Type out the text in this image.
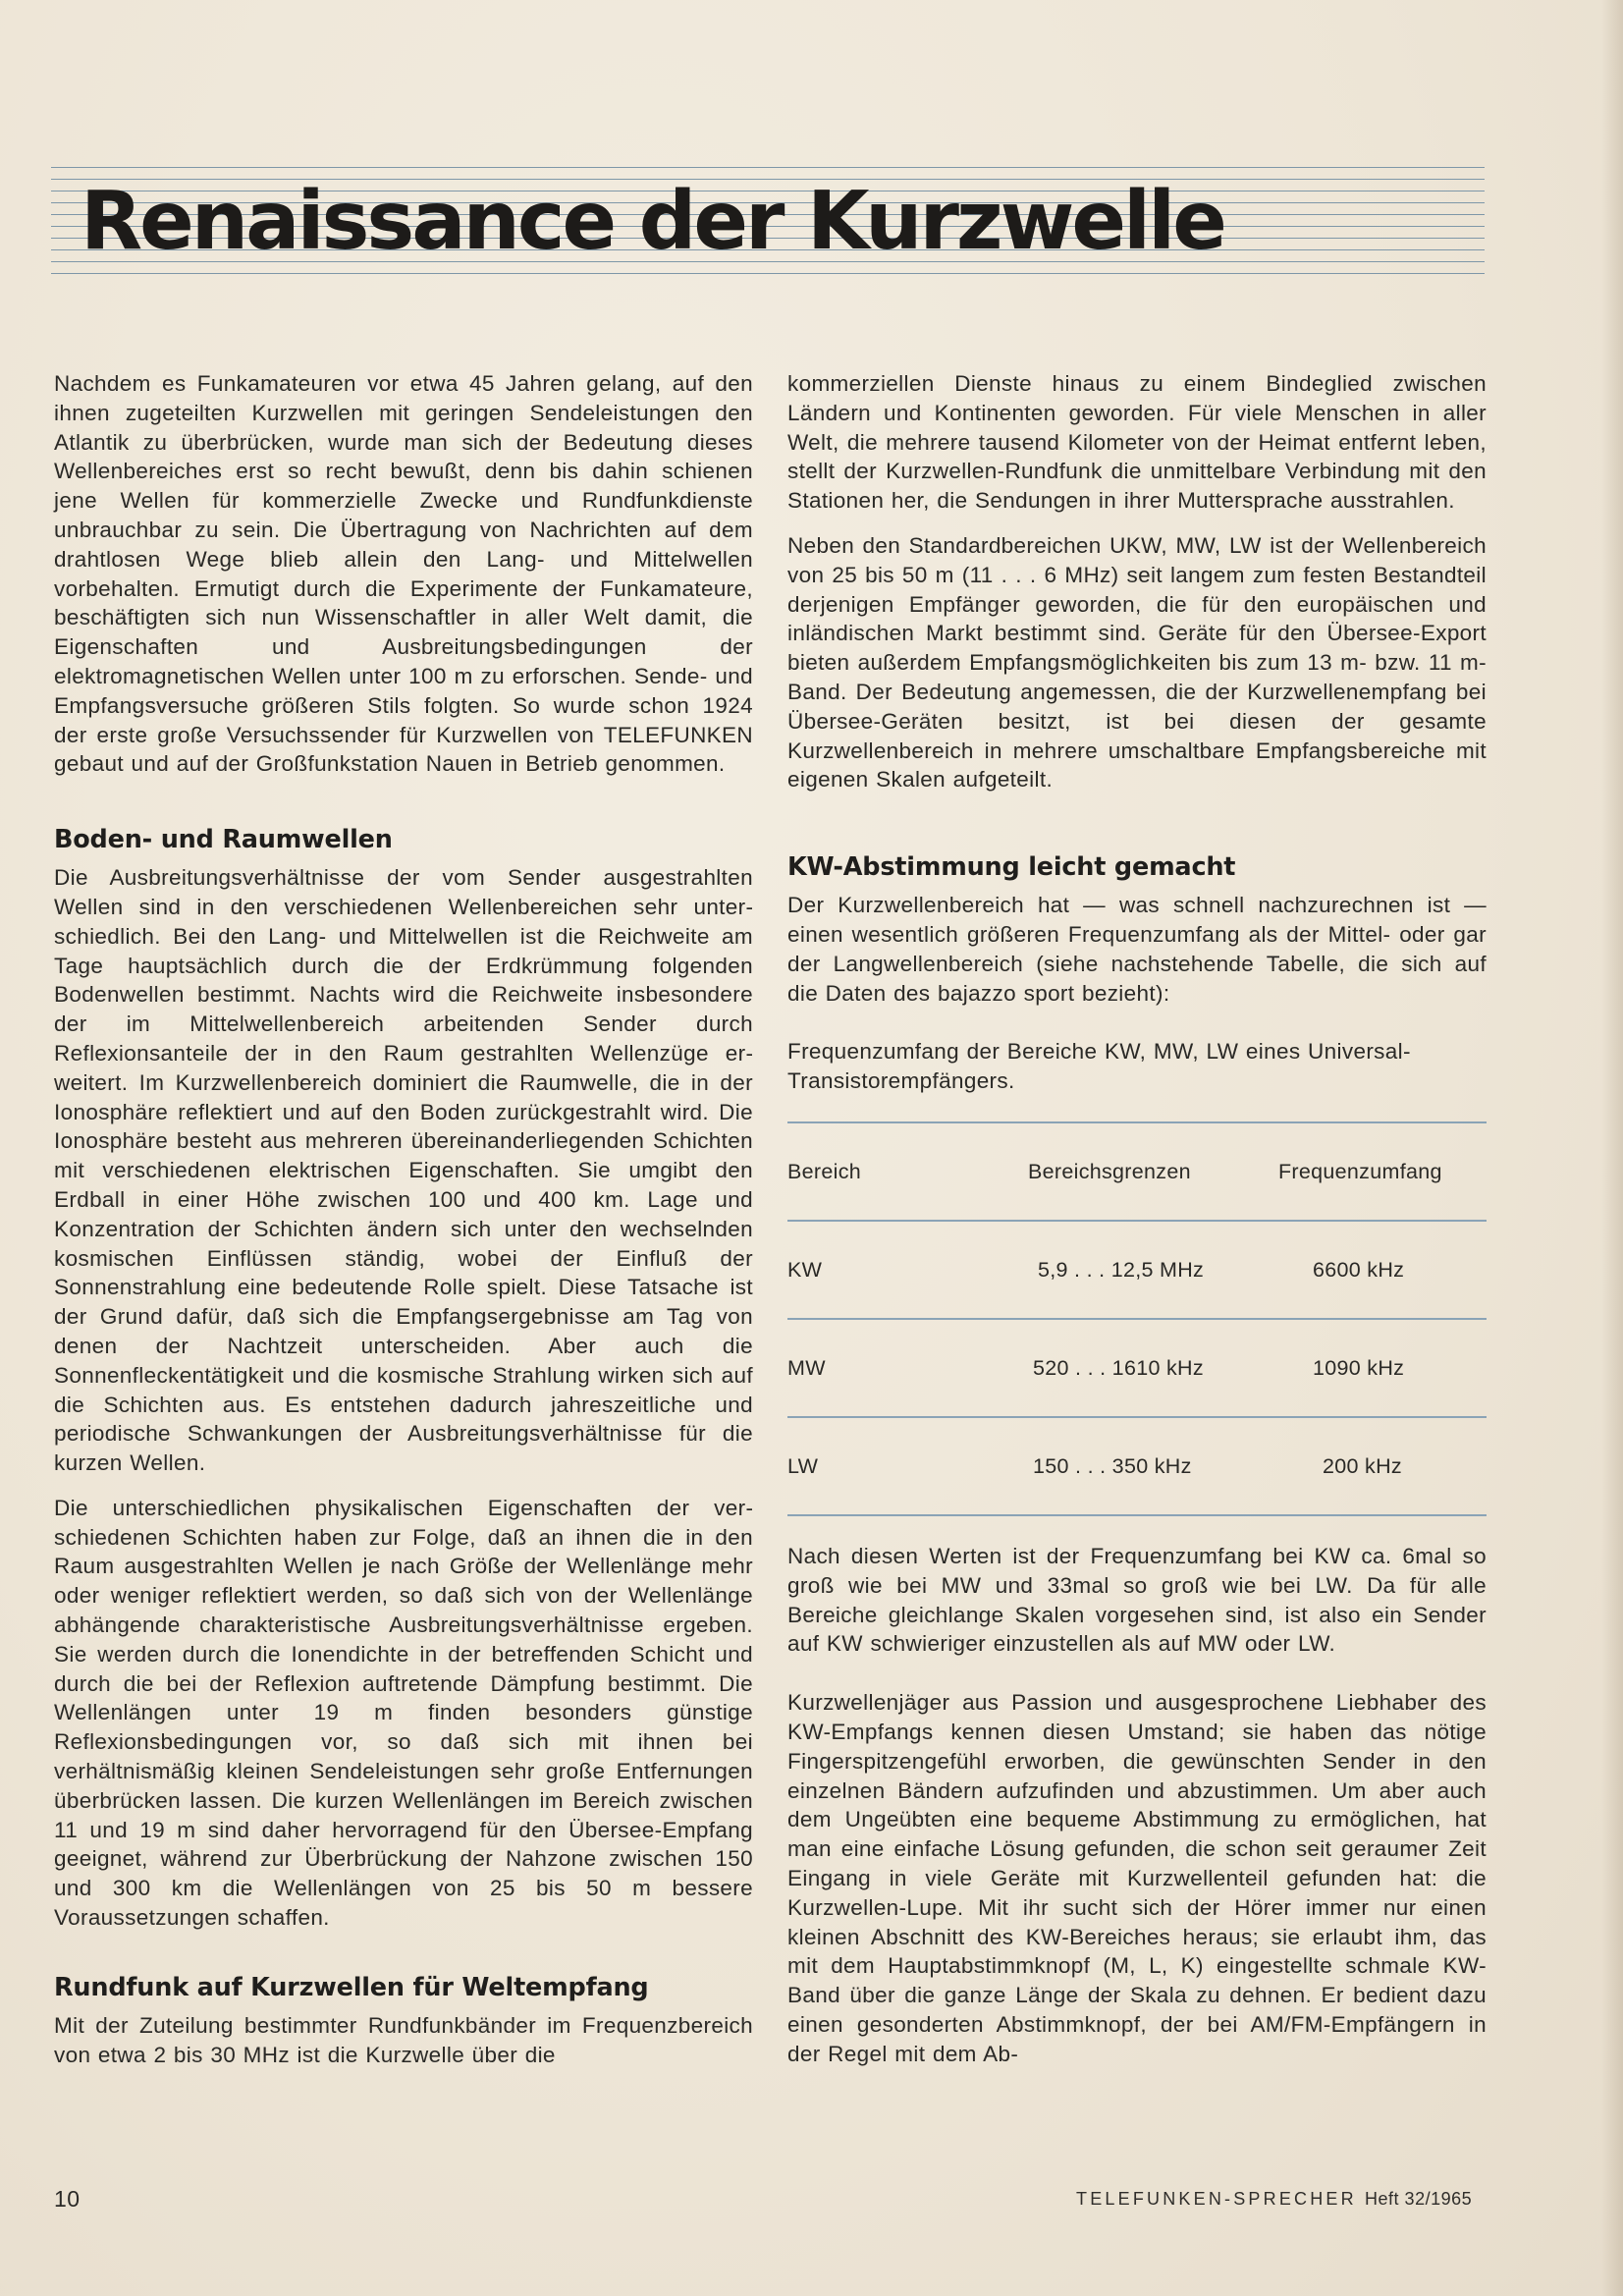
Renaissance der Kurzwelle

Nachdem es Funkamateuren vor etwa 45 Jahren gelang, auf den ihnen zugeteilten Kurzwellen mit geringen Sendeleistungen den Atlantik zu überbrücken, wurde man sich der Bedeutung dieses Wellenbereiches erst so recht bewußt, denn bis dahin schienen jene Wellen für kommerzielle Zwecke und Rundfunkdienste unbrauchbar zu sein. Die Übertragung von Nachrichten auf dem drahtlosen Wege blieb allein den Lang- und Mittelwellen vorbehalten. Ermutigt durch die Experimente der Funkamateure, beschäftigten sich nun Wissenschaftler in aller Welt damit, die Eigenschaften und Ausbreitungsbedingungen der elektromagnetischen Wellen unter 100 m zu erforschen. Sende- und Empfangsversuche größeren Stils folgten. So wurde schon 1924 der erste große Versuchssender für Kurzwellen von TELEFUNKEN gebaut und auf der Großfunkstation Nauen in Betrieb genommen.

Boden- und Raumwellen

Die Ausbreitungsverhältnisse der vom Sender ausgestrahlten Wellen sind in den verschiedenen Wellenbereichen sehr unterschiedlich. Bei den Lang- und Mittelwellen ist die Reichweite am Tage hauptsächlich durch die der Erdkrümmung folgenden Bodenwellen bestimmt. Nachts wird die Reichweite insbesondere der im Mittelwellenbereich arbeitenden Sender durch Reflexionsanteile der in den Raum gestrahlten Wellenzüge erweitert. Im Kurzwellenbereich dominiert die Raumwelle, die in der Ionosphäre reflektiert und auf den Boden zurückgestrahlt wird. Die Ionosphäre besteht aus mehreren übereinanderliegenden Schichten mit verschiedenen elektrischen Eigenschaften. Sie umgibt den Erdball in einer Höhe zwischen 100 und 400 km. Lage und Konzentration der Schichten ändern sich unter den wechselnden kosmischen Einflüssen ständig, wobei der Einfluß der Sonnenstrahlung eine bedeutende Rolle spielt. Diese Tatsache ist der Grund dafür, daß sich die Empfangsergebnisse am Tag von denen der Nachtzeit unterscheiden. Aber auch die Sonnenfleckentätigkeit und die kosmische Strahlung wirken sich auf die Schichten aus. Es entstehen dadurch jahreszeitliche und periodische Schwankungen der Ausbreitungsverhältnisse für die kurzen Wellen.

Die unterschiedlichen physikalischen Eigenschaften der verschiedenen Schichten haben zur Folge, daß an ihnen die in den Raum ausgestrahlten Wellen je nach Größe der Wellenlänge mehr oder weniger reflektiert werden, so daß sich von der Wellenlänge abhängende charakteristische Ausbreitungsverhältnisse ergeben. Sie werden durch die Ionendichte in der betreffenden Schicht und durch die bei der Reflexion auftretende Dämpfung bestimmt. Die Wellenlängen unter 19 m finden besonders günstige Reflexionsbedingungen vor, so daß sich mit ihnen bei verhältnismäßig kleinen Sendeleistungen sehr große Entfernungen überbrücken lassen. Die kurzen Wellenlängen im Bereich zwischen 11 und 19 m sind daher hervorragend für den Übersee-Empfang geeignet, während zur Überbrückung der Nahzone zwischen 150 und 300 km die Wellenlängen von 25 bis 50 m bessere Voraussetzungen schaffen.

Rundfunk auf Kurzwellen für Weltempfang

Mit der Zuteilung bestimmter Rundfunkbänder im Frequenzbereich von etwa 2 bis 30 MHz ist die Kurzwelle über die

kommerziellen Dienste hinaus zu einem Bindeglied zwischen Ländern und Kontinenten geworden. Für viele Menschen in aller Welt, die mehrere tausend Kilometer von der Heimat entfernt leben, stellt der Kurzwellen-Rundfunk die unmittelbare Verbindung mit den Stationen her, die Sendungen in ihrer Muttersprache ausstrahlen.

Neben den Standardbereichen UKW, MW, LW ist der Wellenbereich von 25 bis 50 m (11 . . . 6 MHz) seit langem zum festen Bestandteil derjenigen Empfänger geworden, die für den europäischen und inländischen Markt bestimmt sind. Geräte für den Übersee-Export bieten außerdem Empfangsmöglichkeiten bis zum 13 m- bzw. 11 m-Band. Der Bedeutung angemessen, die der Kurzwellenempfang bei Übersee-Geräten besitzt, ist bei diesen der gesamte Kurzwellenbereich in mehrere umschaltbare Empfangsbereiche mit eigenen Skalen aufgeteilt.

KW-Abstimmung leicht gemacht

Der Kurzwellenbereich hat — was schnell nachzurechnen ist — einen wesentlich größeren Frequenzumfang als der Mittel- oder gar der Langwellenbereich (siehe nachstehende Tabelle, die sich auf die Daten des bajazzo sport bezieht):

Frequenzumfang der Bereiche KW, MW, LW eines Universal-Transistorempfängers.

Bereich	Bereichsgrenzen	Frequenzumfang
KW	5,9 . . . 12,5 MHz	6600 kHz
MW	520 . . . 1610 kHz	1090 kHz
LW	150 . . . 350 kHz	200 kHz

Nach diesen Werten ist der Frequenzumfang bei KW ca. 6mal so groß wie bei MW und 33mal so groß wie bei LW. Da für alle Bereiche gleichlange Skalen vorgesehen sind, ist also ein Sender auf KW schwieriger einzustellen als auf MW oder LW.

Kurzwellenjäger aus Passion und ausgesprochene Liebhaber des KW-Empfangs kennen diesen Umstand; sie haben das nötige Fingerspitzengefühl erworben, die gewünschten Sender in den einzelnen Bändern aufzufinden und abzustimmen. Um aber auch dem Ungeübten eine bequeme Abstimmung zu ermöglichen, hat man eine einfache Lösung gefunden, die schon seit geraumer Zeit Eingang in viele Geräte mit Kurzwellenteil gefunden hat: die Kurzwellen-Lupe. Mit ihr sucht sich der Hörer immer nur einen kleinen Abschnitt des KW-Bereiches heraus; sie erlaubt ihm, das mit dem Hauptabstimmknopf (M, L, K) eingestellte schmale KW-Band über die ganze Länge der Skala zu dehnen. Er bedient dazu einen gesonderten Abstimmknopf, der bei AM/FM-Empfängern in der Regel mit dem Ab-

10	TELEFUNKEN-SPRECHER Heft 32/1965
